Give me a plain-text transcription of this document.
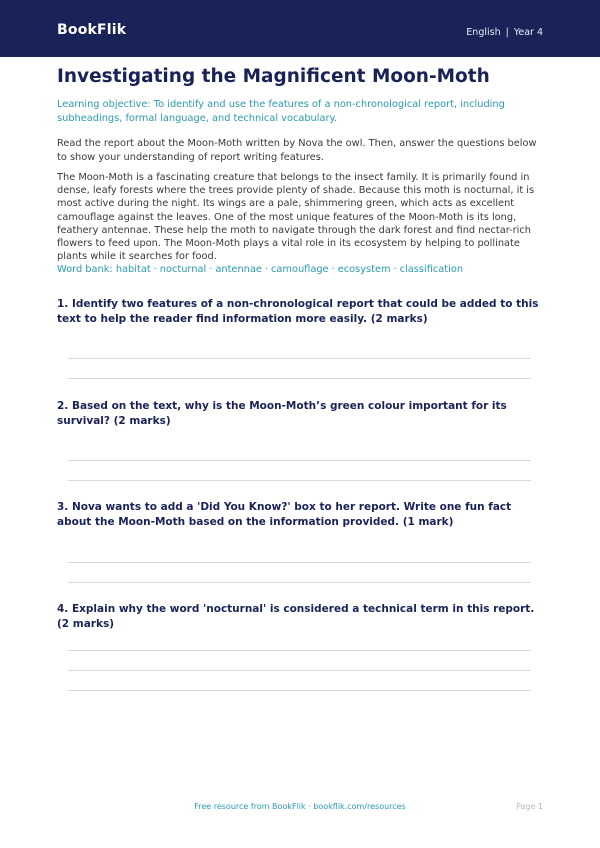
BookFlik	English | Year 4
Investigating the Magnificent Moon-Moth

Learning objective: To identify and use the features of a non-chronological report, including subheadings, formal language, and technical vocabulary.

Read the report about the Moon-Moth written by Nova the owl. Then, answer the questions below to show your understanding of report writing features.

The Moon-Moth is a fascinating creature that belongs to the insect family. It is primarily found in dense, leafy forests where the trees provide plenty of shade. Because this moth is nocturnal, it is most active during the night. Its wings are a pale, shimmering green, which acts as excellent camouflage against the leaves. One of the most unique features of the Moon-Moth is its long, feathery antennae. These help the moth to navigate through the dark forest and find nectar-rich flowers to feed upon. The Moon-Moth plays a vital role in its ecosystem by helping to pollinate plants while it searches for food.

Word bank: habitat · nocturnal · antennae · camouflage · ecosystem · classification

1. Identify two features of a non-chronological report that could be added to this text to help the reader find information more easily. (2 marks)

2. Based on the text, why is the Moon-Moth’s green colour important for its survival? (2 marks)

3. Nova wants to add a 'Did You Know?' box to her report. Write one fun fact about the Moon-Moth based on the information provided. (1 mark)

4. Explain why the word 'nocturnal' is considered a technical term in this report. (2 marks)

Free resource from BookFlik · bookflik.com/resources	Page 1
